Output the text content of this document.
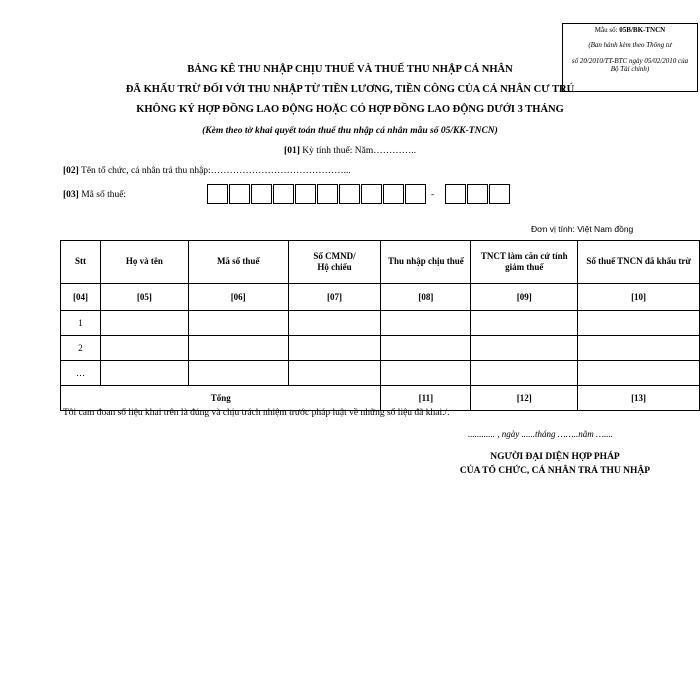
Mẫu số: 05B/BK-TNCN
(Ban hành kèm theo Thông tư
số 20/2010/TT-BTC ngày 05/02/2010 của
Bộ Tài chính)
BẢNG KÊ THU NHẬP CHỊU THUẾ VÀ THUẾ THU NHẬP CÁ NHÂN
ĐÃ KHẤU TRỪ ĐỐI VỚI THU NHẬP TỪ TIỀN LƯƠNG, TIỀN CÔNG CỦA CÁ NHÂN CƯ TRÚ
KHÔNG KÝ HỢP ĐỒNG LAO ĐỘNG HOẶC CÓ HỢP ĐỒNG LAO ĐỘNG DƯỚI 3 THÁNG
(Kèm theo tờ khai quyết toán thuế thu nhập cá nhân mẫu số 05/KK-TNCN)
[01] Kỳ tính thuế: Năm…………..
[02] Tên tổ chức, cá nhân trả thu nhập:……………………………………...
[03] Mã số thuế:	-
Đơn vị tính: Việt Nam đồng
Stt	Họ và tên	Mã số thuế	Số CMND/
Hộ chiếu	Thu nhập chịu thuế	TNCT làm căn cứ tính giảm thuế	Số thuế TNCN đã khấu trừ
[04]	[05]	[06]	[07]	[08]	[09]	[10]
1						
2						
…						
Tổng				[11]	[12]	[13]
Tôi cam đoan số liệu khai trên là đúng và chịu trách nhiệm trước pháp luật về những số liệu đã khai./.
............ , ngày ......tháng ……..năm …....
NGƯỜI ĐẠI DIỆN HỢP PHÁP
CỦA TỔ CHỨC, CÁ NHÂN TRẢ THU NHẬP
